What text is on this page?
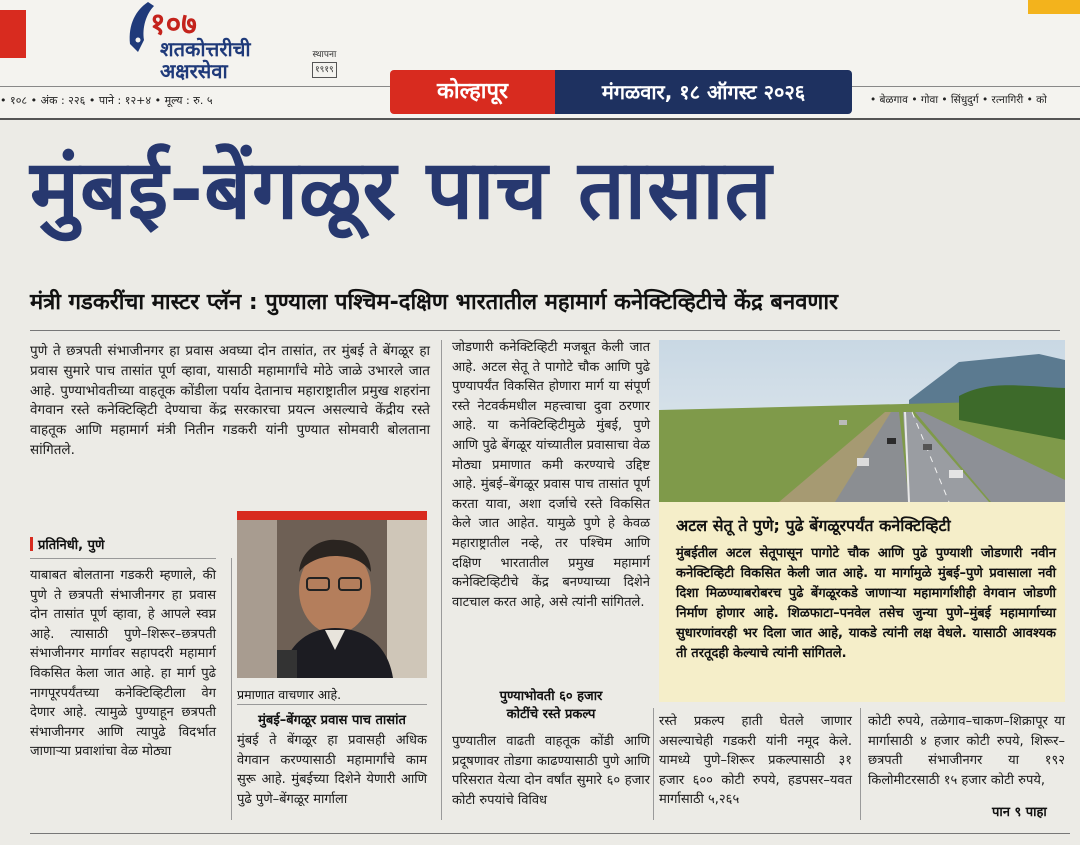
१०७
शतकोत्तरीची
अक्षरसेवा
स्थापना
१९१९
• १०८ • अंक : २२६ • पाने : १२+४ • मूल्य : रु. ५	कोल्हापूर	मंगळवार, १८ ऑगस्ट २०२६	• बेळगाव • गोवा • सिंधुदुर्ग • रत्नागिरी • को
मुंबई-बेंगळूर पाच तासात
मंत्री गडकरींचा मास्टर प्लॅन : पुण्याला पश्चिम-दक्षिण भारतातील महामार्ग कनेक्टिव्हिटीचे केंद्र बनवणार
पुणे ते छत्रपती संभाजीनगर हा प्रवास अवघ्या दोन तासांत, तर मुंबई ते बेंगळूर हा प्रवास सुमारे पाच तासांत पूर्ण व्हावा, यासाठी महामार्गांचे मोठे जाळे उभारले जात आहे. पुण्याभोवतीच्या वाहतूक कोंडीला पर्याय देतानाच महाराष्ट्रातील प्रमुख शहरांना वेगवान रस्ते कनेक्टिव्हिटी देण्याचा केंद्र सरकारचा प्रयत्न असल्याचे केंद्रीय रस्ते वाहतूक आणि महामार्ग मंत्री नितीन गडकरी यांनी पुण्यात सोमवारी बोलताना सांगितले.
प्रतिनिधी, पुणे
याबाबत बोलताना गडकरी म्हणाले, की पुणे ते छत्रपती संभाजीनगर हा प्रवास दोन तासांत पूर्ण व्हावा, हे आपले स्वप्न आहे. त्यासाठी पुणे–शिरूर–छत्रपती संभाजीनगर मार्गावर सहापदरी महामार्ग विकसित केला जात आहे. हा मार्ग पुढे नागपूरपर्यंतच्या कनेक्टिव्हिटीला वेग देणार आहे. त्यामुळे पुण्याहून छत्रपती संभाजीनगर आणि त्यापुढे विदर्भात जाणाऱ्या प्रवाशांचा वेळ मोठ्या
प्रमाणात वाचणार आहे.
मुंबई–बेंगळूर प्रवास पाच तासांत
मुंबई ते बेंगळूर हा प्रवासही अधिक वेगवान करण्यासाठी महामार्गांचे काम सुरू आहे. मुंबईच्या दिशेने येणारी आणि पुढे पुणे–बेंगळूर मार्गाला
जोडणारी कनेक्टिव्हिटी मजबूत केली जात आहे. अटल सेतू ते पागोटे चौक आणि पुढे पुण्यापर्यंत विकसित होणारा मार्ग या संपूर्ण रस्ते नेटवर्कमधील महत्त्वाचा दुवा ठरणार आहे. या कनेक्टिव्हिटीमुळे मुंबई, पुणे आणि पुढे बेंगळूर यांच्यातील प्रवासाचा वेळ मोठ्या प्रमाणात कमी करण्याचे उद्दिष्ट आहे. मुंबई–बेंगळूर प्रवास पाच तासांत पूर्ण करता यावा, अशा दर्जाचे रस्ते विकसित केले जात आहेत. यामुळे पुणे हे केवळ महाराष्ट्रातील नव्हे, तर पश्चिम आणि दक्षिण भारतातील प्रमुख महामार्ग कनेक्टिव्हिटीचे केंद्र बनण्याच्या दिशेने वाटचाल करत आहे, असे त्यांनी सांगितले.
पुण्याभोवती ६० हजार
कोटींचे रस्ते प्रकल्प
पुण्यातील वाढती वाहतूक कोंडी आणि प्रदूषणावर तोडगा काढण्यासाठी पुणे आणि परिसरात येत्या दोन वर्षांत सुमारे ६० हजार कोटी रुपयांचे विविध
अटल सेतू ते पुणे; पुढे बेंगळूरपर्यंत कनेक्टिव्हिटी
मुंबईतील अटल सेतूपासून पागोटे चौक आणि पुढे पुण्याशी जोडणारी नवीन कनेक्टिव्हिटी विकसित केली जात आहे. या मार्गामुळे मुंबई–पुणे प्रवासाला नवी दिशा मिळण्याबरोबरच पुढे बेंगळूरकडे जाणाऱ्या महामार्गाशीही वेगवान जोडणी निर्माण होणार आहे. शिळफाटा–पनवेल तसेच जुन्या पुणे–मुंबई महामार्गाच्या सुधारणांवरही भर दिला जात आहे, याकडे त्यांनी लक्ष वेधले. यासाठी आवश्यक ती तरतूदही केल्याचे त्यांनी सांगितले.
रस्ते प्रकल्प हाती घेतले जाणार असल्याचेही गडकरी यांनी नमूद केले. यामध्ये पुणे–शिरूर प्रकल्पासाठी ३१ हजार ६०० कोटी रुपये, हडपसर–यवत मार्गासाठी ५,२६५
कोटी रुपये, तळेगाव–चाकण–शिक्रापूर या मार्गासाठी ४ हजार कोटी रुपये, शिरूर–छत्रपती संभाजीनगर या १९२ किलोमीटरसाठी १५ हजार कोटी रुपये,
पान ९ पाहा
